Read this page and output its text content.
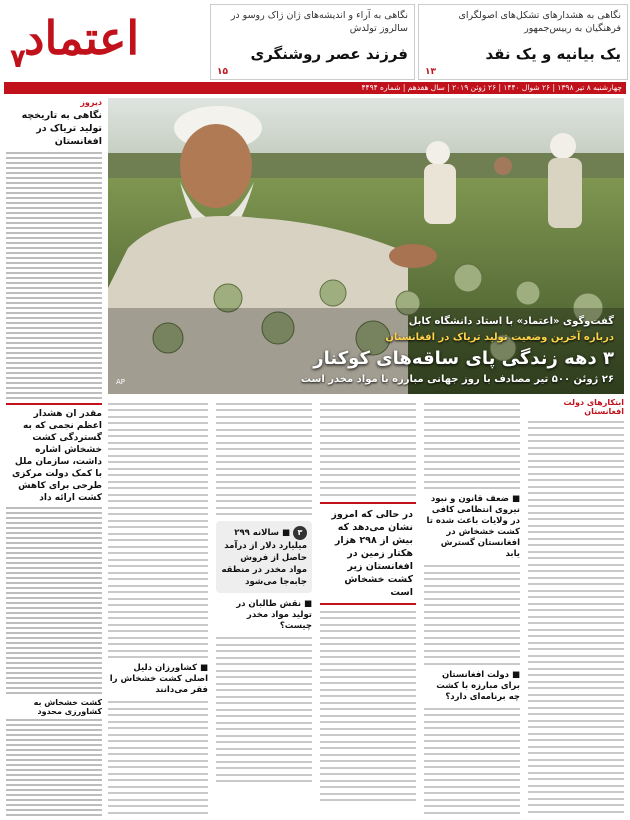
اعتماد
۷
نگاهی به هشدارهای تشکل‌های اصولگرای فرهنگیان به رییس‌جمهور
یک بیانیه و یک نقد
۱۳
نگاهی به آراء و اندیشه‌های ژان ژاک روسو در سالروز تولدش
فرزند عصر روشنگری
۱۵
چهارشنبه ۸ تیر ۱۳۹۸ | ۲۶ شوال ۱۴۴۰ | ۲۶ ژوئن ۲۰۱۹ | سال هفدهم | شماره ۴۴۹۴
دیروز
نگاهی به تاریخچه تولید تریاک در افغانستان
مقدر ان هشدار اعظم نجمی که به گستردگی کشت خشخاش اشاره داشت، سازمان ملل با کمک دولت مرکزی طرحی برای کاهش کشت ارائه داد
کشت خشخاش به کشاورزی محدود
گفت‌وگوی «اعتماد» با استاد دانشگاه کابل
درباره آخرین وضعیت تولید تریاک در افغانستان
۳ دهه زندگی پای ساقه‌های کوکنار
۲۶ ژوئن ۵۰۰ تیر مصادف با روز جهانی مبارزه با مواد مخدر است
AP
ابتکارهای دولت افغانستان
■ ضعف قانون و نبود نیروی انتظامی کافی در ولایات باعث شده تا کشت خشخاش در افغانستان گسترش یابد
■ دولت افغانستان برای مبارزه با کشت چه برنامه‌ای دارد؟
در حالی که امروز نشان می‌دهد که بیش از ۲۹۸ هزار هکتار زمین در افغانستان زیر کشت خشخاش است
۳ ■ سالانه ۲۹۹ میلیارد دلار از درآمد حاصل از فروش مواد مخدر در منطقه جابه‌جا می‌شود
■ نقش طالبان در تولید مواد مخدر چیست؟
■ کشاورزان دلیل اصلی کشت خشخاش را فقر می‌دانند
